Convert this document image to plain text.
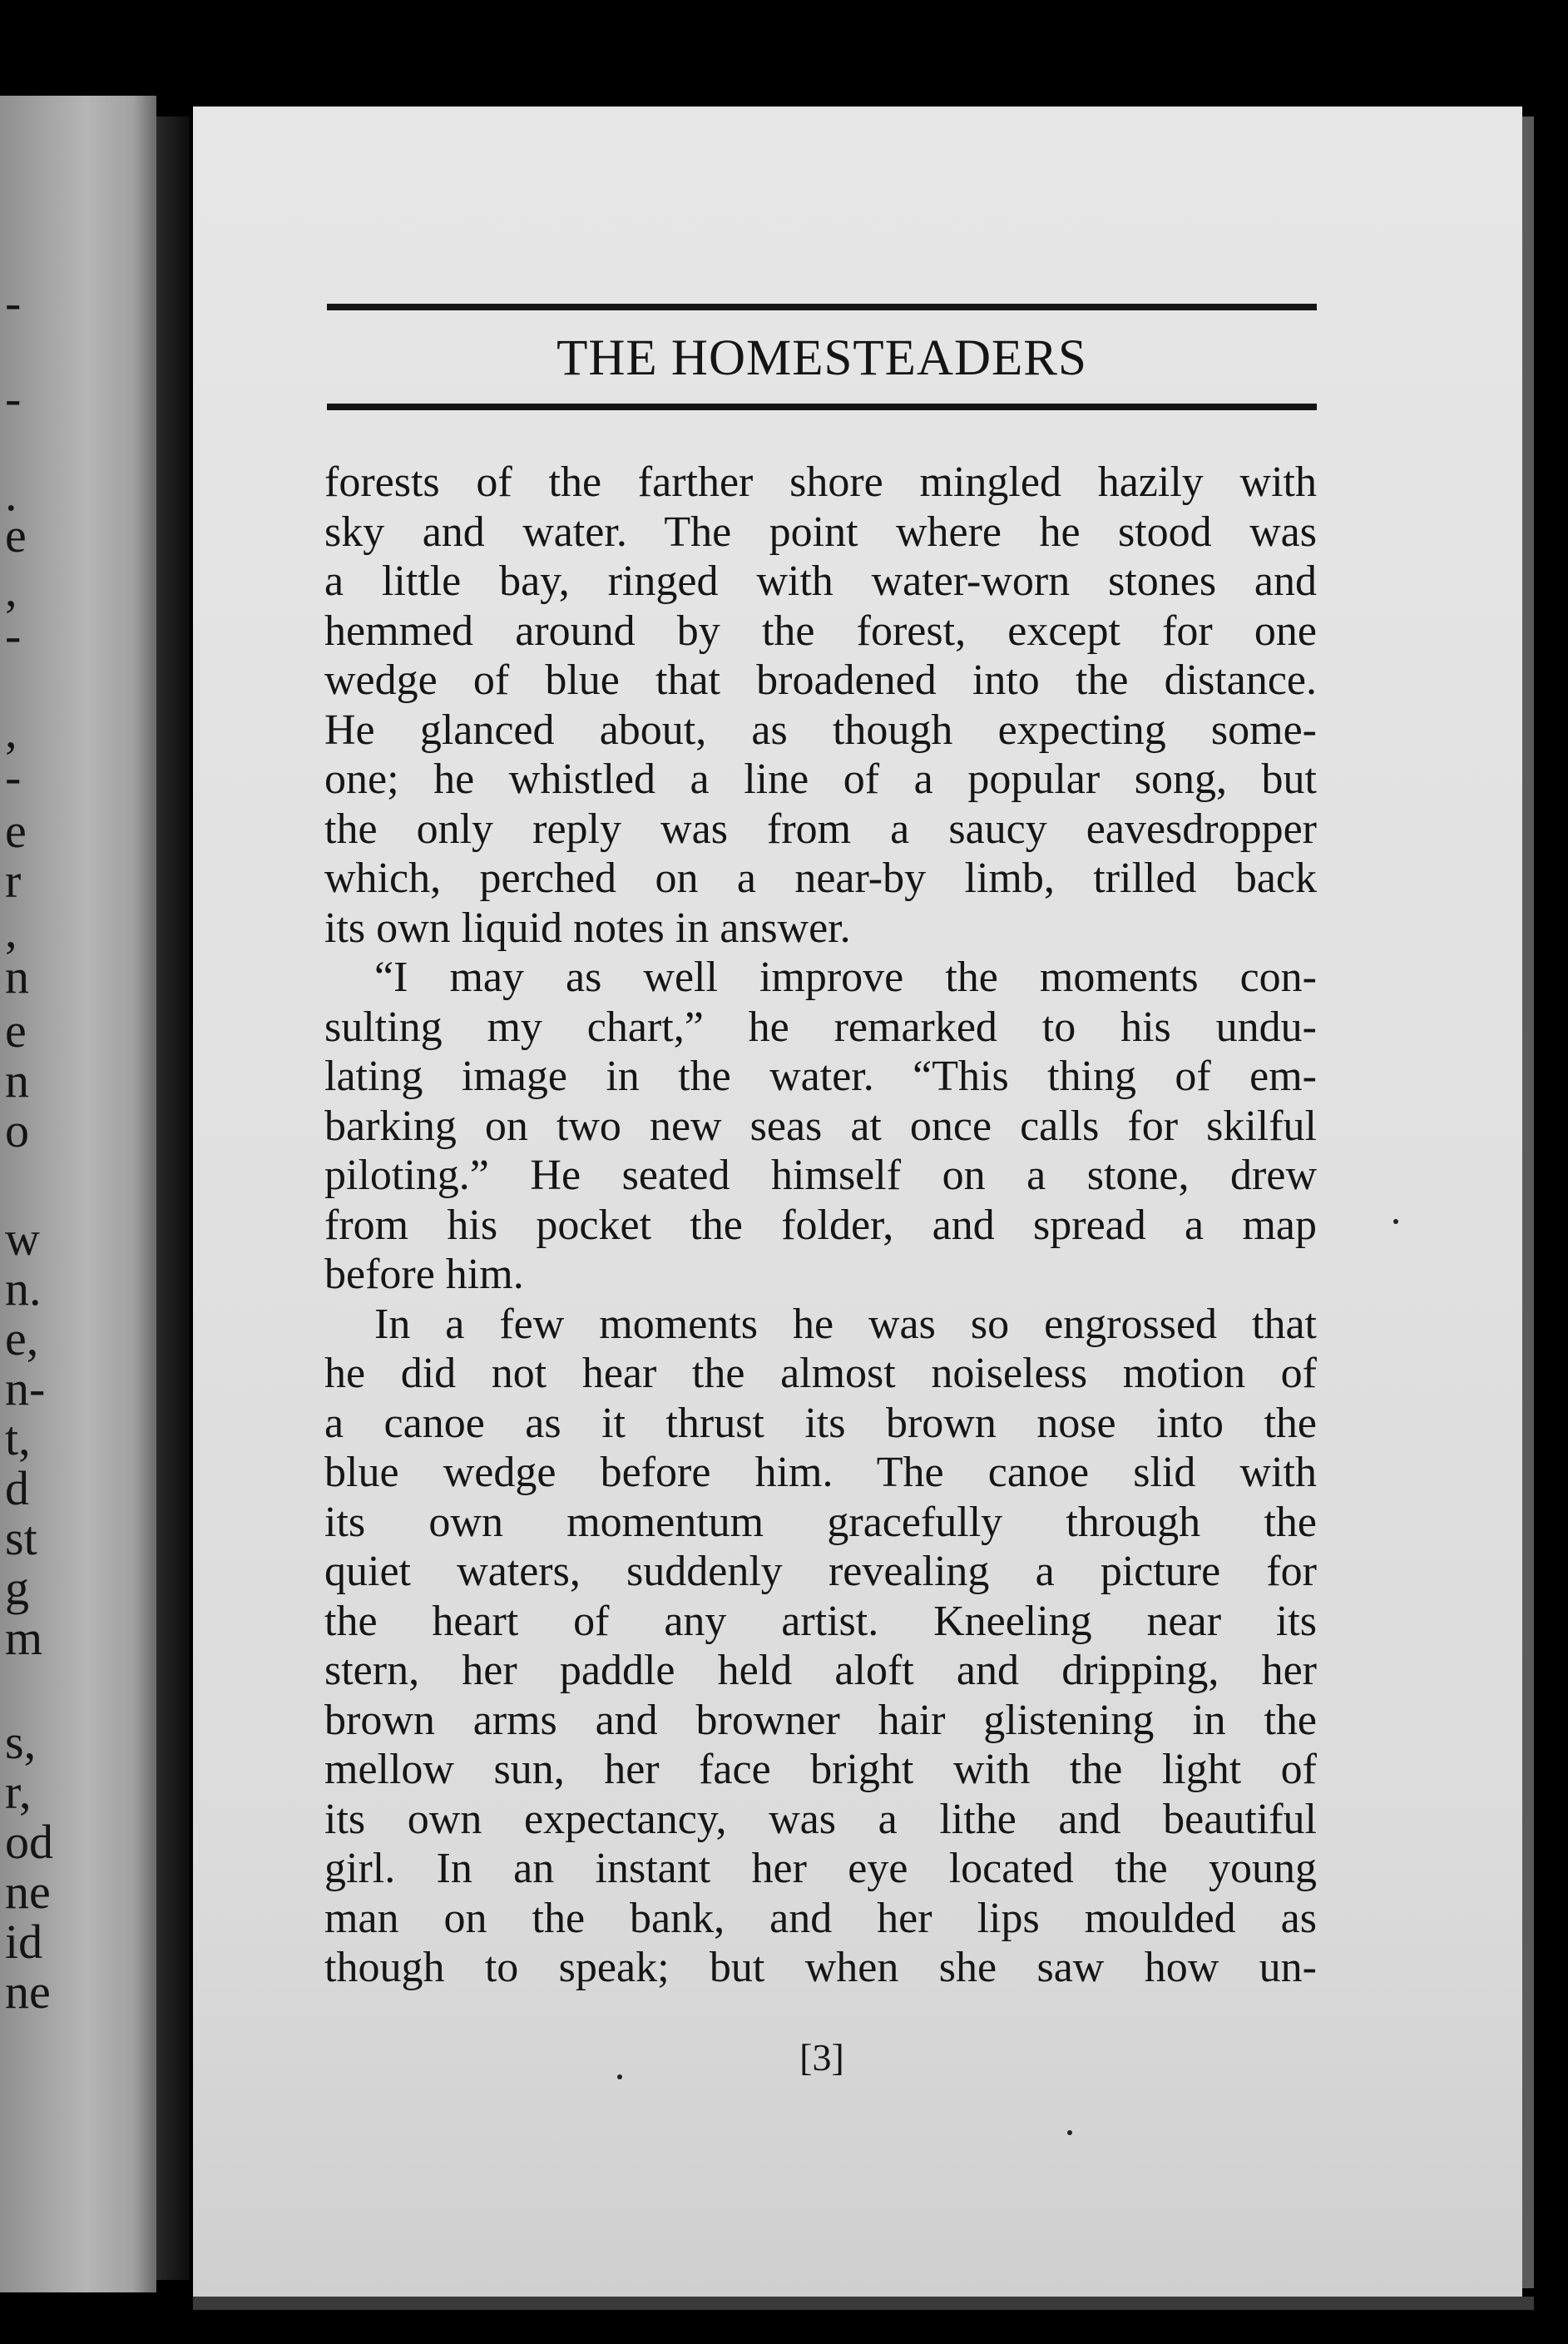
-
-
.
e
,
-
,
-
e
r
,
n
e
n
o
w
n.
e,
n-
t,
d
st
g
m
s,
r,
od
ne
id
ne
THE HOMESTEADERS
forests of the farther shore mingled hazily with
sky and water. The point where he stood was
a little bay, ringed with water-worn stones and
hemmed around by the forest, except for one
wedge of blue that broadened into the distance.
He glanced about, as though expecting some-
one; he whistled a line of a popular song, but
the only reply was from a saucy eavesdropper
which, perched on a near-by limb, trilled back
its own liquid notes in answer.
“I may as well improve the moments con-
sulting my chart,” he remarked to his undu-
lating image in the water. “This thing of em-
barking on two new seas at once calls for skilful
piloting.” He seated himself on a stone, drew
from his pocket the folder, and spread a map
before him.
In a few moments he was so engrossed that
he did not hear the almost noiseless motion of
a canoe as it thrust its brown nose into the
blue wedge before him. The canoe slid with
its own momentum gracefully through the
quiet waters, suddenly revealing a picture for
the heart of any artist. Kneeling near its
stern, her paddle held aloft and dripping, her
brown arms and browner hair glistening in the
mellow sun, her face bright with the light of
its own expectancy, was a lithe and beautiful
girl. In an instant her eye located the young
man on the bank, and her lips moulded as
though to speak; but when she saw how un-
[3]
